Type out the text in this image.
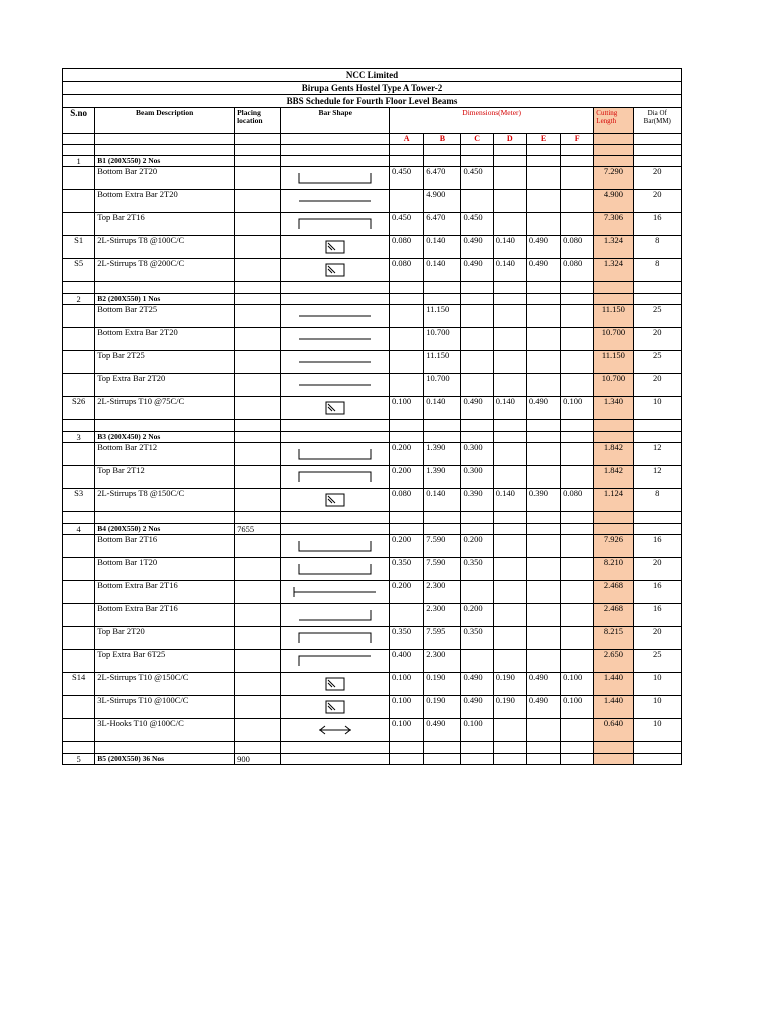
NCC Limited											
Birupa Gents Hostel Type A Tower-2											
BBS Schedule for Fourth Floor Level Beams											
S.no	Beam Description	Placing location	Bar Shape	Dimensions(Meter)						Cutting Length	Dia Of Bar(MM)
				A	B	C	D	E	F		

1	B1 (200X550) 2 Nos										
	Bottom Bar 2T20			0.450	6.470	0.450				7.290	20
	Bottom Extra Bar 2T20				4.900					4.900	20
	Top Bar 2T16			0.450	6.470	0.450				7.306	16
S1	2L-Stirrups T8 @100C/C			0.080	0.140	0.490	0.140	0.490	0.080	1.324	8
S5	2L-Stirrups T8 @200C/C			0.080	0.140	0.490	0.140	0.490	0.080	1.324	8

2	B2 (200X550) 1 Nos										
	Bottom Bar 2T25				11.150					11.150	25
	Bottom Extra Bar 2T20				10.700					10.700	20
	Top Bar 2T25				11.150					11.150	25
	Top Extra Bar 2T20				10.700					10.700	20
S26	2L-Stirrups T10 @75C/C			0.100	0.140	0.490	0.140	0.490	0.100	1.340	10

3	B3 (200X450) 2 Nos										
	Bottom Bar 2T12			0.200	1.390	0.300				1.842	12
	Top Bar 2T12			0.200	1.390	0.300				1.842	12
S3	2L-Stirrups T8 @150C/C			0.080	0.140	0.390	0.140	0.390	0.080	1.124	8

4	B4 (200X550) 2 Nos	7655									
	Bottom Bar 2T16			0.200	7.590	0.200				7.926	16
	Bottom Bar 1T20			0.350	7.590	0.350				8.210	20
	Bottom Extra Bar 2T16			0.200	2.300					2.468	16
	Bottom Extra Bar 2T16				2.300	0.200				2.468	16
	Top Bar 2T20			0.350	7.595	0.350				8.215	20
	Top Extra Bar 6T25			0.400	2.300					2.650	25
S14	2L-Stirrups T10 @150C/C			0.100	0.190	0.490	0.190	0.490	0.100	1.440	10
	3L-Stirrups T10 @100C/C			0.100	0.190	0.490	0.190	0.490	0.100	1.440	10
	3L-Hooks T10 @100C/C			0.100	0.490	0.100				0.640	10

5	B5 (200X550) 36 Nos	900									
